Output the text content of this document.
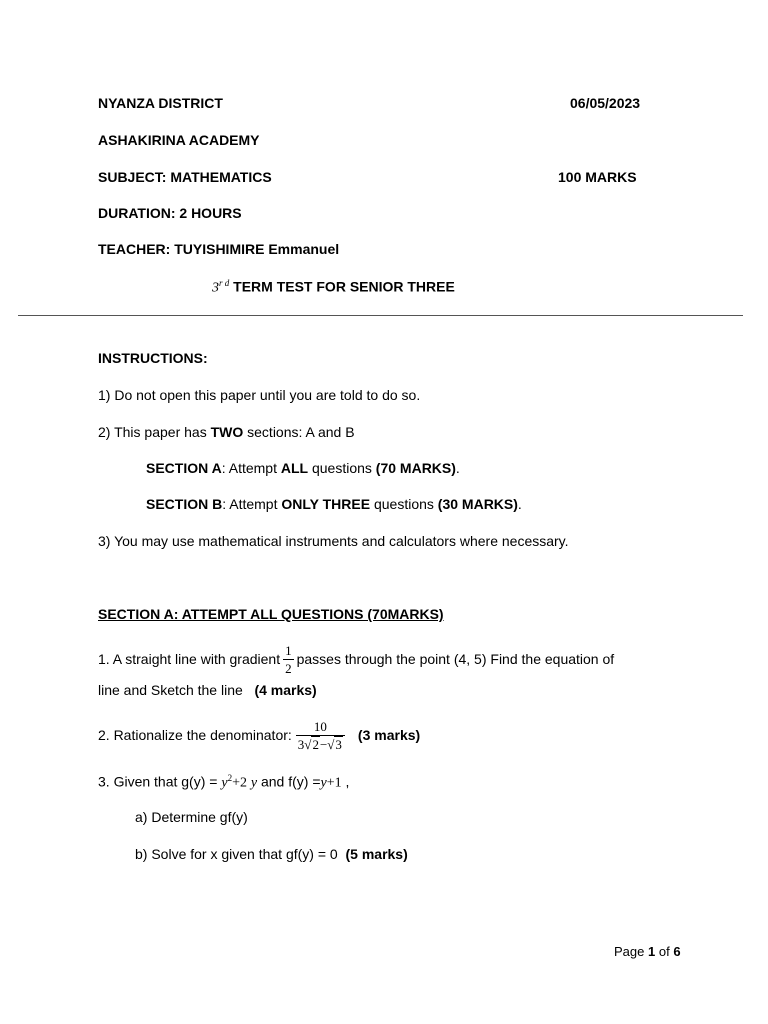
NYANZA DISTRICT	06/05/2023
ASHAKIRINA ACADEMY
SUBJECT: MATHEMATICS	100 MARKS
DURATION: 2 HOURS
TEACHER: TUYISHIMIRE Emmanuel
$3^{r d}$ TERM TEST FOR SENIOR THREE
INSTRUCTIONS:
1) Do not open this paper until you are told to do so.
2) This paper has TWO sections: A and B
SECTION A: Attempt ALL questions (70 MARKS).
SECTION B: Attempt ONLY THREE questions (30 MARKS).
3) You may use mathematical instruments and calculators where necessary.
SECTION A: ATTEMPT ALL QUESTIONS (70MARKS)
1. A straight line with gradient $\frac{1}{2}$ passes through the point (4, 5) Find the equation of
line and Sketch the line (4 marks)
2. Rationalize the denominator: $\frac{10}{3√2-√3} (3$ marks)
3. Given that $g(y) = y^2+2$ y and f(y) =y+1 ,
a) Determine gf(y)
b) Solve for x given that gf(y) = 0 (5 marks)
Page 1 of 6
